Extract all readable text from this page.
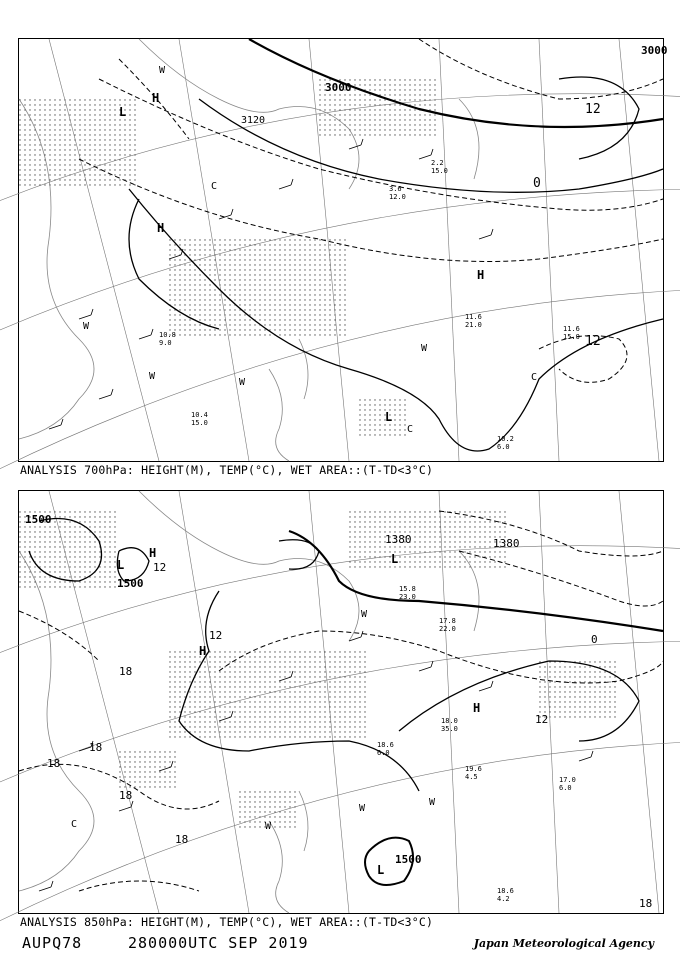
3000
3000
3120
12
12
0
H
H
H
L
L
W
W
W
W
W
C
C
C
11.6
21.0
10.2
6.0
10.4
15.0
10.8
9.0
11.6
15.0
2.2
15.0
3.6
12.0
ANALYSIS 700hPa: HEIGHT(M), TEMP(°C), WET AREA::(T-TD<3°C)
1500
1500
1500
1380	1380
18
18
18
18
18
18
12
12
12
0
H
H
H
L	L
L
W
W
W
W
C
19.6
4.5	17.0
6.0
18.6
4.2
18.0
35.0
18.6
6.0
17.8
22.0
15.8
23.0
ANALYSIS 850hPa: HEIGHT(M), TEMP(°C), WET AREA::(T-TD<3°C)
AUPQ78	280000UTC SEP 2019	Japan Meteorological Agency
